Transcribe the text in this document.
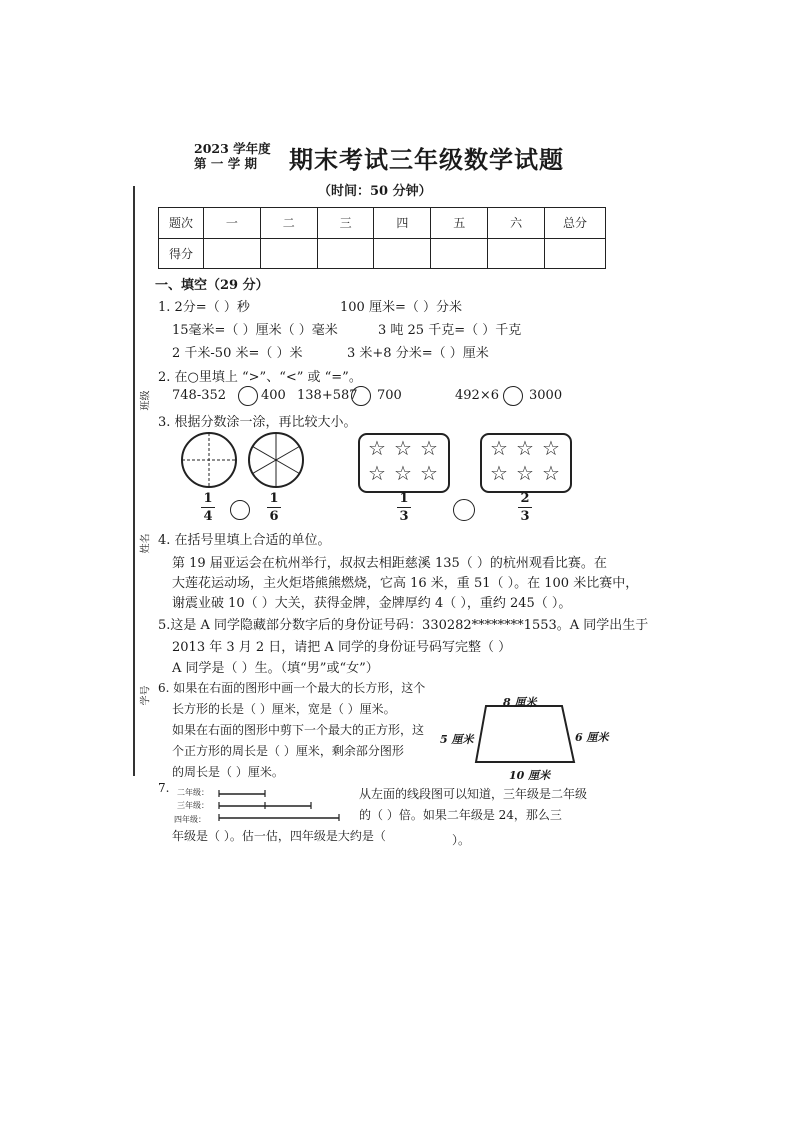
班级
姓名
学号
2023 学年度
第 一 学 期	期末考试三年级数学试题
（时间：50 分钟）
题次	一	二	三	四	五	六	总分
得分							
一、填空（29 分）
1. 2分=（ ）秒	100 厘米=（ ）分米
15毫米=（ ）厘米（ ）毫米	3 吨 25 千克=（ ）千克
2 千米-50 米=（ ）米	3 米+8 分米=（ ）厘米
2. 在○里填上 “>”、“<” 或 “=”。
748-352	400 138+587 700	492×6 3000
3. 根据分数涂一涂，再比较大小。
☆ ☆ ☆
☆ ☆ ☆
☆ ☆ ☆
☆ ☆ ☆
1
4
1
6
1
3
2
3
4. 在括号里填上合适的单位。
第 19 届亚运会在杭州举行，叔叔去相距慈溪 135（ ）的杭州观看比赛。在
大莲花运动场，主火炬塔熊熊燃烧，它高 16 米，重 51（ ）。在 100 米比赛中，
谢震业破 10（ ）大关，获得金牌，金牌厚约 4（ ），重约 245（ ）。
5.这是 A 同学隐藏部分数字后的身份证号码：330282********1553。A 同学出生于
2013 年 3 月 2 日，请把 A 同学的身份证号码写完整（ ）
A 同学是（ ）生。（填“男”或“女”）
6. 如果在右面的图形中画一个最大的长方形，这个
长方形的长是（ ）厘米，宽是（ ）厘米。
如果在右面的图形中剪下一个最大的正方形，这
个正方形的周长是（ ）厘米，剩余部分图形
的周长是（ ）厘米。
8 厘米
5 厘米	6 厘米
10 厘米
7. 二年级：
三年级：
四年级：
从左面的线段图可以知道，三年级是二年级
的（ ）倍。如果二年级是 24，那么三
年级是（ ）。估一估，四年级是大约是（	）。
